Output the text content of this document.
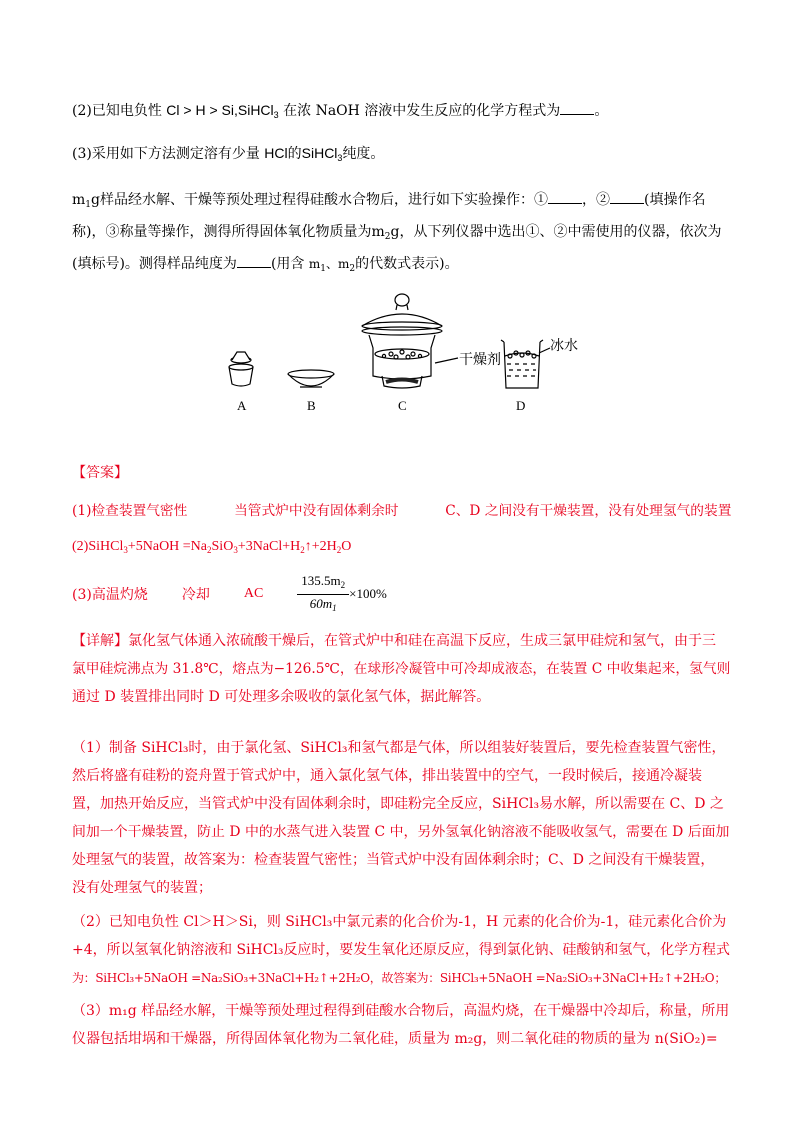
(2)已知电负性 Cl > H > Si,SiHCl$_3$ 在浓 NaOH 溶液中发生反应的化学方程式为 。
(3)采用如下方法测定溶有少量 HCl的SiHCl$_3$纯度。
$m_1g$样品经水解、干燥等预处理过程得硅酸水合物后，进行如下实验操作：① ，② (填操作名
称)，③称量等操作，测得所得固体氧化物质量为$m_2g$，从下列仪器中选出①、②中需使用的仪器，依次为
(填标号)。测得样品纯度为 (用含 $m_1$、$m_2$的代数式表示)。
A	B	C	D
干燥剂
冰水
【答案】
(1)检查装置气密性	当管式炉中没有固体剩余时	C、D 之间没有干燥装置，没有处理氢气的装置
(2)SiHCl$_3$+5NaOH $=Na_2SiO_3+3NaCl+H_2↑+2H_2O$
(3)高温灼烧 冷却 AC	$\frac{135.5m_2}{60m_1} \times 100\%$
【详解】氯化氢气体通入浓硫酸干燥后，在管式炉中和硅在高温下反应，生成三氯甲硅烷和氢气，由于三
氯甲硅烷沸点为 31.8℃，熔点为−126.5℃，在球形冷凝管中可冷却成液态，在装置 C 中收集起来，氢气则
通过 D 装置排出同时 D 可处理多余吸收的氯化氢气体，据此解答。
（1）制备 SiHCl₃时，由于氯化氢、SiHCl₃和氢气都是气体，所以组装好装置后，要先检查装置气密性，
然后将盛有硅粉的瓷舟置于管式炉中，通入氯化氢气体，排出装置中的空气，一段时候后，接通冷凝装
置，加热开始反应，当管式炉中没有固体剩余时，即硅粉完全反应，SiHCl₃易水解，所以需要在 C、D 之
间加一个干燥装置，防止 D 中的水蒸气进入装置 C 中，另外氢氧化钠溶液不能吸收氢气，需要在 D 后面加
处理氢气的装置，故答案为：检查装置气密性；当管式炉中没有固体剩余时；C、D 之间没有干燥装置，
没有处理氢气的装置；
（2）已知电负性 Cl＞H＞Si，则 SiHCl₃中氯元素的化合价为-1，H 元素的化合价为-1，硅元素化合价为
+4，所以氢氧化钠溶液和 SiHCl₃反应时，要发生氧化还原反应，得到氯化钠、硅酸钠和氢气，化学方程式
为：SiHCl₃+5NaOH =Na₂SiO₃+3NaCl+H₂↑+2H₂O，故答案为：SiHCl₃+5NaOH =Na₂SiO₃+3NaCl+H₂↑+2H₂O；
（3）m₁g 样品经水解，干燥等预处理过程得到硅酸水合物后，高温灼烧，在干燥器中冷却后，称量，所用
仪器包括坩埚和干燥器，所得固体氧化物为二氧化硅，质量为 m₂g，则二氧化硅的物质的量为 n(SiO₂)=
